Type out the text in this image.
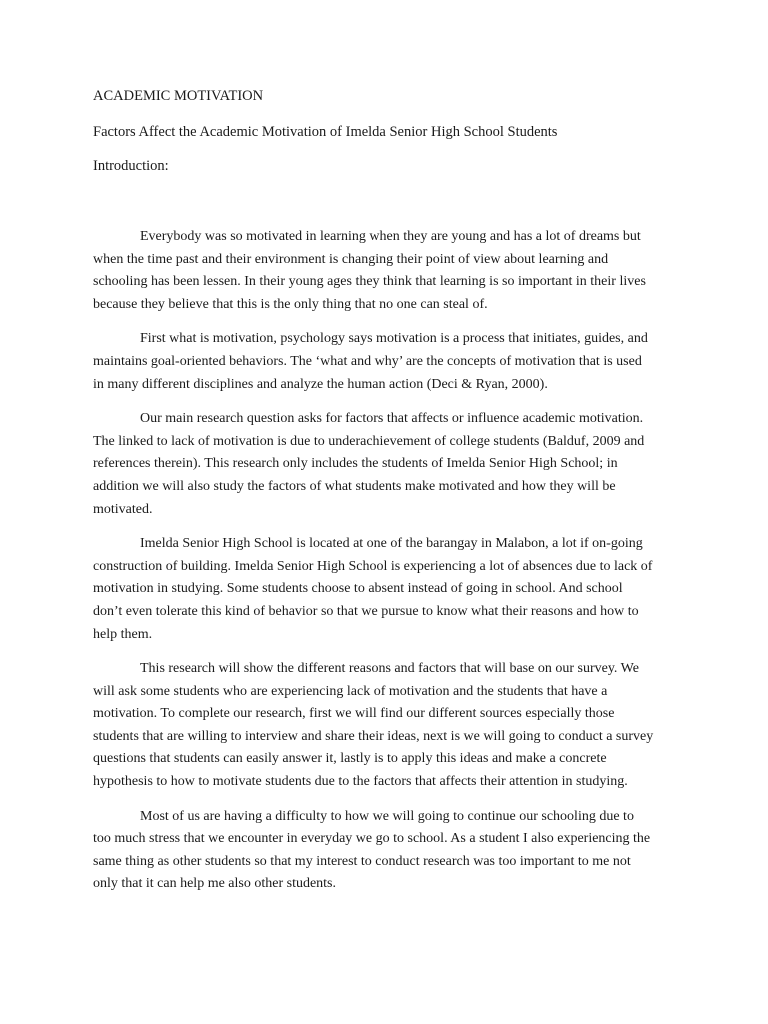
ACADEMIC MOTIVATION
Factors Affect the Academic Motivation of Imelda Senior High School Students
Introduction:

Everybody was so motivated in learning when they are young and has a lot of dreams but when the time past and their environment is changing their point of view about learning and schooling has been lessen. In their young ages they think that learning is so important in their lives because they believe that this is the only thing that no one can steal of.

First what is motivation, psychology says motivation is a process that initiates, guides, and maintains goal-oriented behaviors. The ‘what and why’ are the concepts of motivation that is used in many different disciplines and analyze the human action (Deci & Ryan, 2000).

Our main research question asks for factors that affects or influence academic motivation. The linked to lack of motivation is due to underachievement of college students (Balduf, 2009 and references therein). This research only includes the students of Imelda Senior High School; in addition we will also study the factors of what students make motivated and how they will be motivated.

Imelda Senior High School is located at one of the barangay in Malabon, a lot if on-going construction of building. Imelda Senior High School is experiencing a lot of absences due to lack of motivation in studying. Some students choose to absent instead of going in school. And school don’t even tolerate this kind of behavior so that we pursue to know what their reasons and how to help them.

This research will show the different reasons and factors that will base on our survey. We will ask some students who are experiencing lack of motivation and the students that have a motivation. To complete our research, first we will find our different sources especially those students that are willing to interview and share their ideas, next is we will going to conduct a survey questions that students can easily answer it, lastly is to apply this ideas and make a concrete hypothesis to how to motivate students due to the factors that affects their attention in studying.

Most of us are having a difficulty to how we will going to continue our schooling due to too much stress that we encounter in everyday we go to school. As a student I also experiencing the same thing as other students so that my interest to conduct research was too important to me not only that it can help me also other students.
